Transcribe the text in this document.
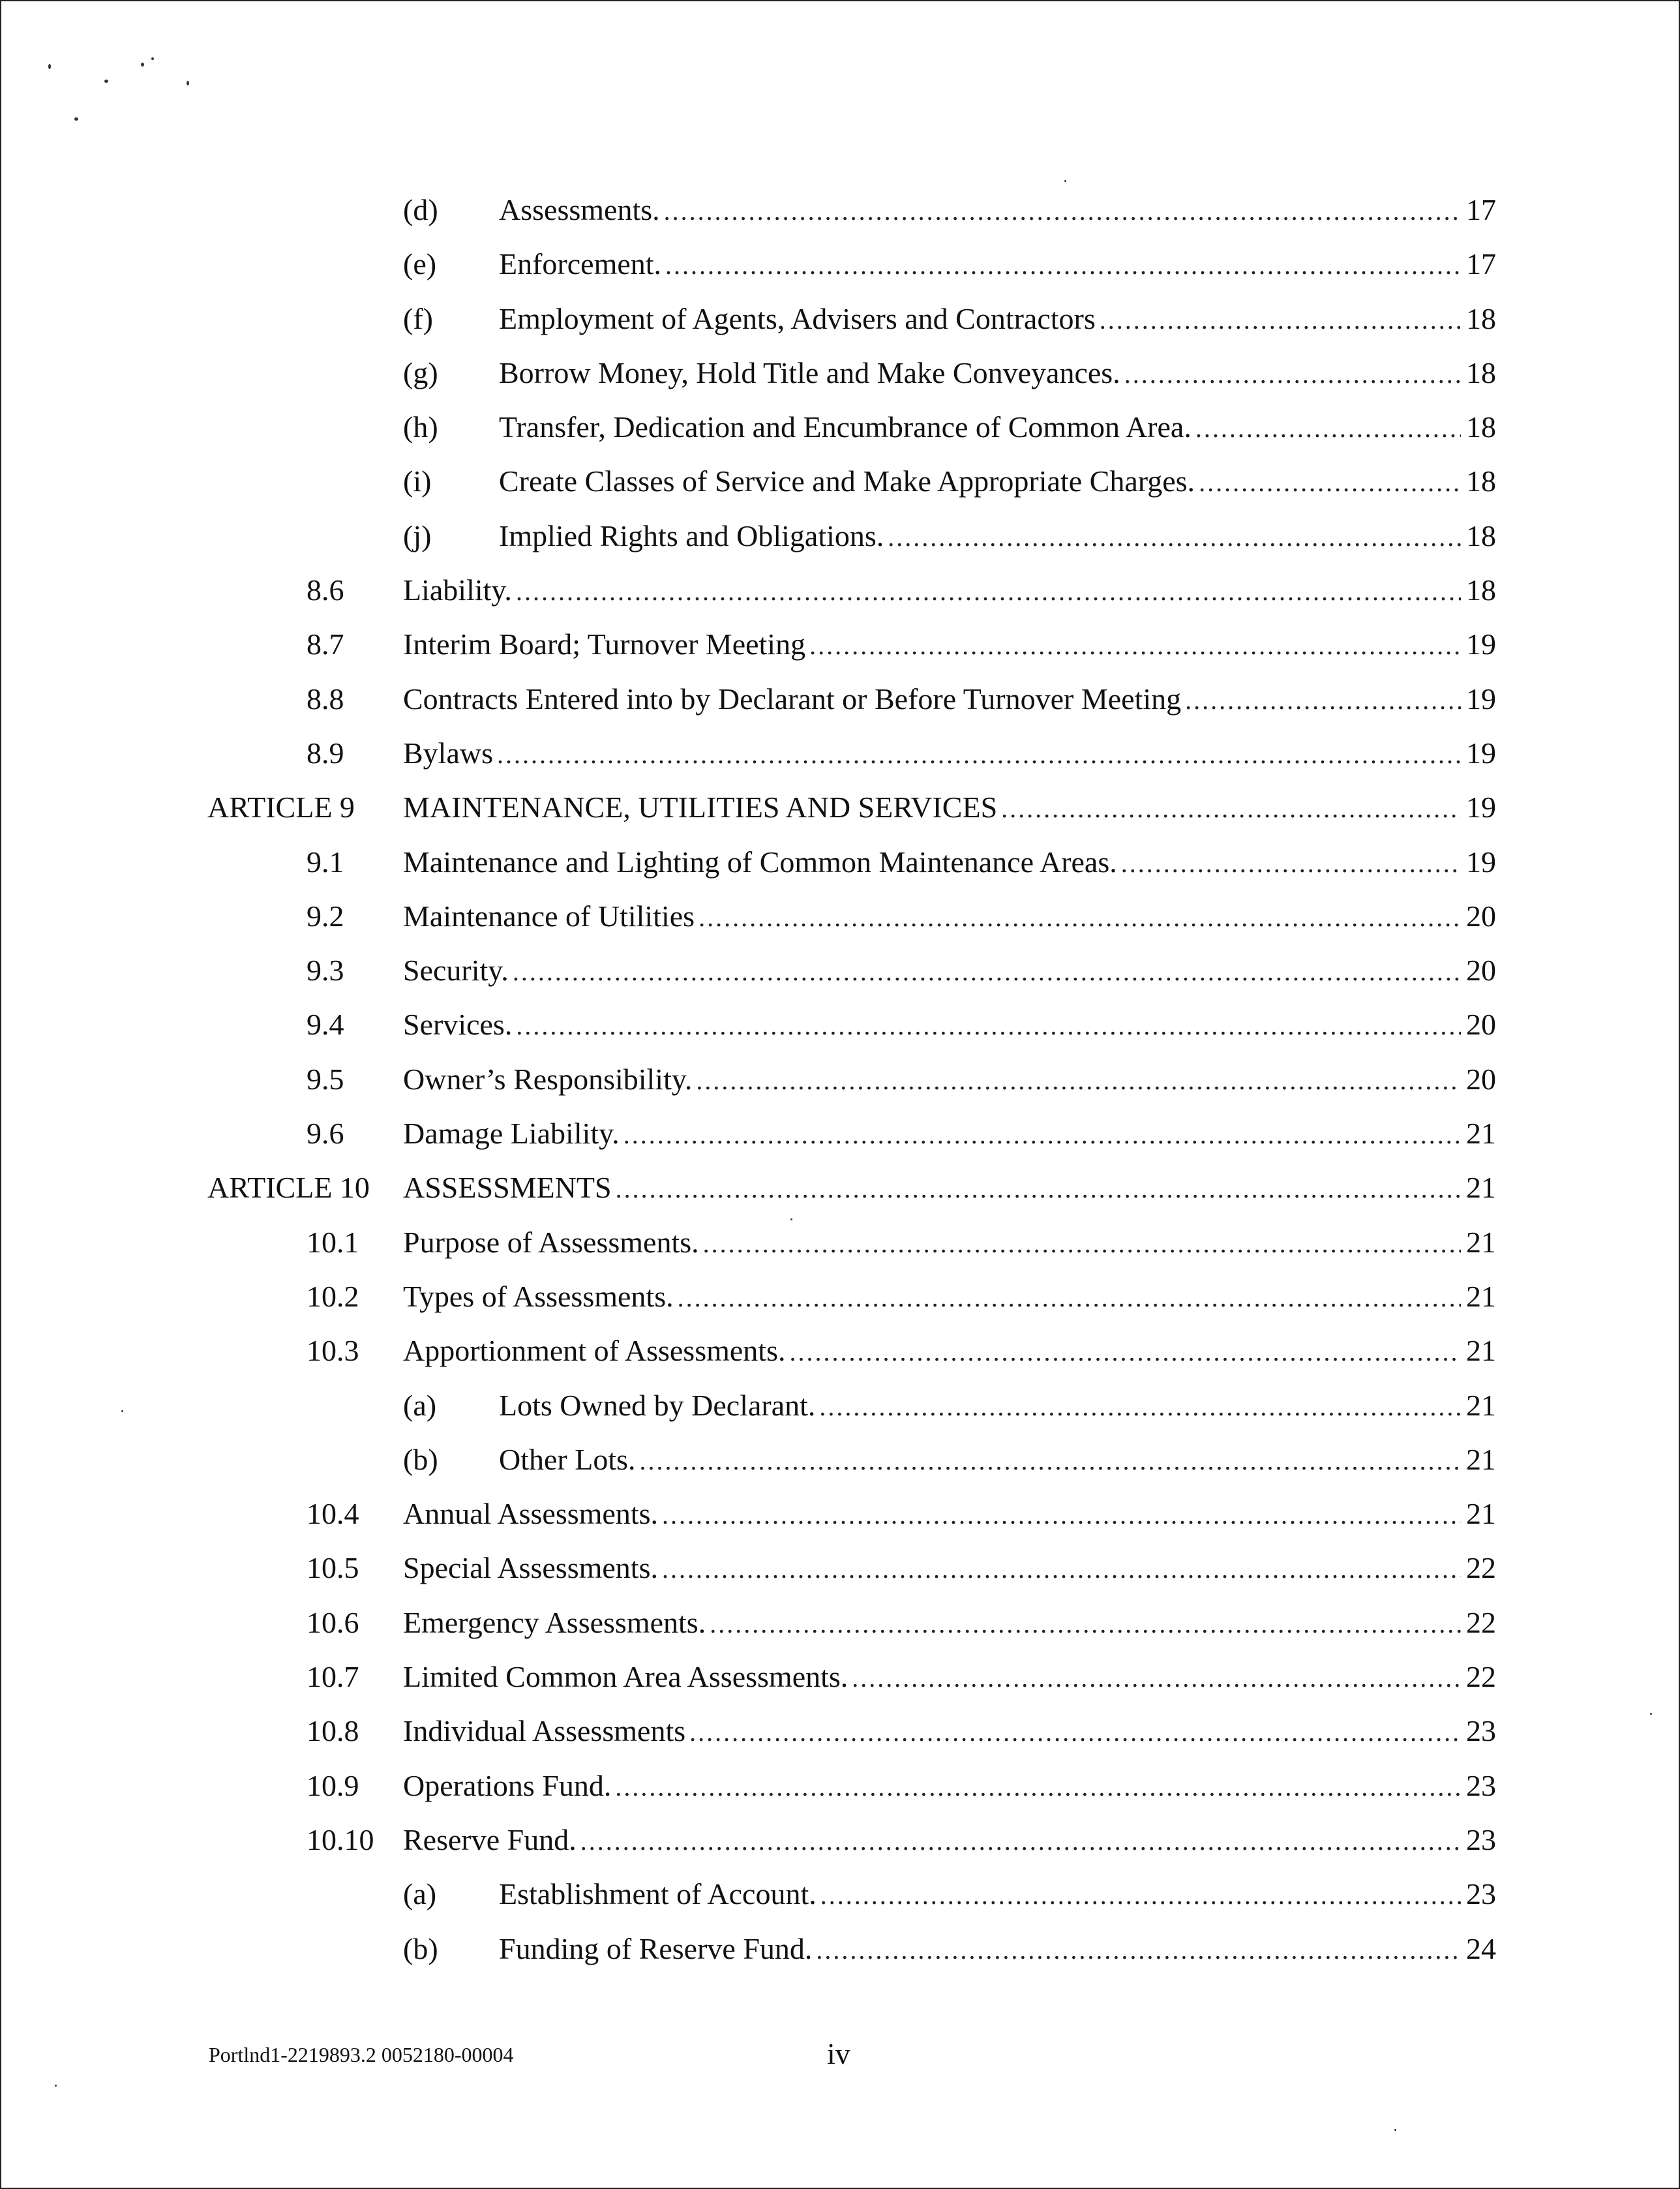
(d) Assessments. .....	17
(e) Enforcement. .....	17
(f) Employment of Agents, Advisers and Contractors .....	18
(g) Borrow Money, Hold Title and Make Conveyances. .....	18
(h) Transfer, Dedication and Encumbrance of Common Area. .....	18
(i) Create Classes of Service and Make Appropriate Charges. .....	18
(j) Implied Rights and Obligations. .....	18
8.6 Liability. .....	18
8.7 Interim Board; Turnover Meeting .....	19
8.8 Contracts Entered into by Declarant or Before Turnover Meeting .....	19
8.9 Bylaws .....	19
ARTICLE 9 MAINTENANCE, UTILITIES AND SERVICES .....	19
9.1 Maintenance and Lighting of Common Maintenance Areas. .....	19
9.2 Maintenance of Utilities .....	20
9.3 Security. .....	20
9.4 Services. .....	20
9.5 Owner’s Responsibility. .....	20
9.6 Damage Liability. .....	21
ARTICLE 10 ASSESSMENTS .....	21
10.1 Purpose of Assessments. .....	21
10.2 Types of Assessments. .....	21
10.3 Apportionment of Assessments. .....	21
(a) Lots Owned by Declarant. .....	21
(b) Other Lots. .....	21
10.4 Annual Assessments. .....	21
10.5 Special Assessments. .....	22
10.6 Emergency Assessments. .....	22
10.7 Limited Common Area Assessments. .....	22
10.8 Individual Assessments .....	23
10.9 Operations Fund. .....	23
10.10 Reserve Fund. .....	23
(a) Establishment of Account. .....	23
(b) Funding of Reserve Fund. .....	24
Portlnd1-2219893.2 0052180-00004	iv
